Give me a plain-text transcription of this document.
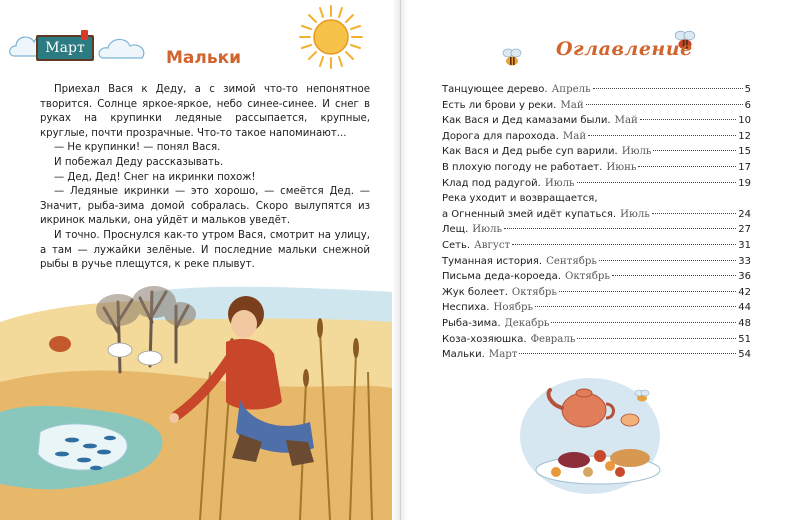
Март	Мальки

Приехал Вася к Деду, а с зимой что-то непонятное творится. Солнце яркое-яркое, небо синее-синее. И снег в руках на крупинки ледяные рассыпается, крупные, круглые, почти прозрачные. Что-то такое напоминают...

— Не крупинки! — понял Вася.

И побежал Деду рассказывать.

— Дед, Дед! Снег на икринки похож!

— Ледяные икринки — это хорошо, — смеётся Дед. — Значит, рыба-зима домой собралась. Скоро вылупятся из икринок мальки, она уйдёт и мальков уведёт.

И точно. Проснулся как-то утром Вася, смотрит на улицу, а там — лужайки зелёные. И последние мальки снежной рыбы в ручье плещутся, к реке плывут.

Оглавление
Танцующее дерево. Апрель	5
Есть ли брови у реки. Май	6
Как Вася и Дед камазами были. Май	10
Дорога для парохода. Май	12
Как Вася и Дед рыбе суп варили. Июль	15
В плохую погоду не работает. Июнь	17
Клад под радугой. Июль	19
Река уходит и возвращается,
а Огненный змей идёт купаться. Июль	24
Лещ. Июль	27
Сеть. Август	31
Туманная история. Сентябрь	33
Письма деда-короеда. Октябрь	36
Жук болеет. Октябрь	42
Неспиха. Ноябрь	44
Рыба-зима. Декабрь	48
Коза-хозяюшка. Февраль	51
Мальки. Март	54
